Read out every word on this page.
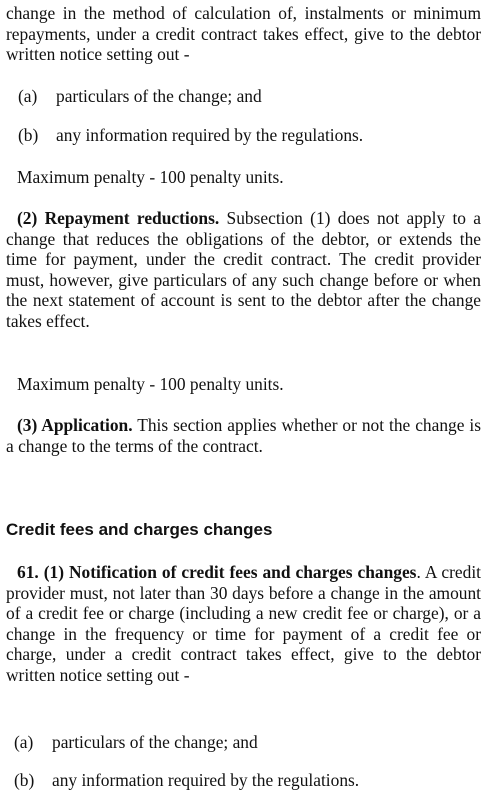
change in the method of calculation of, instalments or minimum repayments, under a credit contract takes effect, give to the debtor written notice setting out -

(a) particulars of the change; and
(b) any information required by the regulations.
Maximum penalty - 100 penalty units.

(2) Repayment reductions. Subsection (1) does not apply to a change that reduces the obligations of the debtor, or extends the time for payment, under the credit contract. The credit provider must, however, give particulars of any such change before or when the next statement of account is sent to the debtor after the change takes effect.

Maximum penalty - 100 penalty units.

(3) Application. This section applies whether or not the change is a change to the terms of the contract.

Credit fees and charges changes

61. (1) Notification of credit fees and charges changes. A credit provider must, not later than 30 days before a change in the amount of a credit fee or charge (including a new credit fee or charge), or a change in the frequency or time for payment of a credit fee or charge, under a credit contract takes effect, give to the debtor written notice setting out -

(a) particulars of the change; and
(b) any information required by the regulations.
